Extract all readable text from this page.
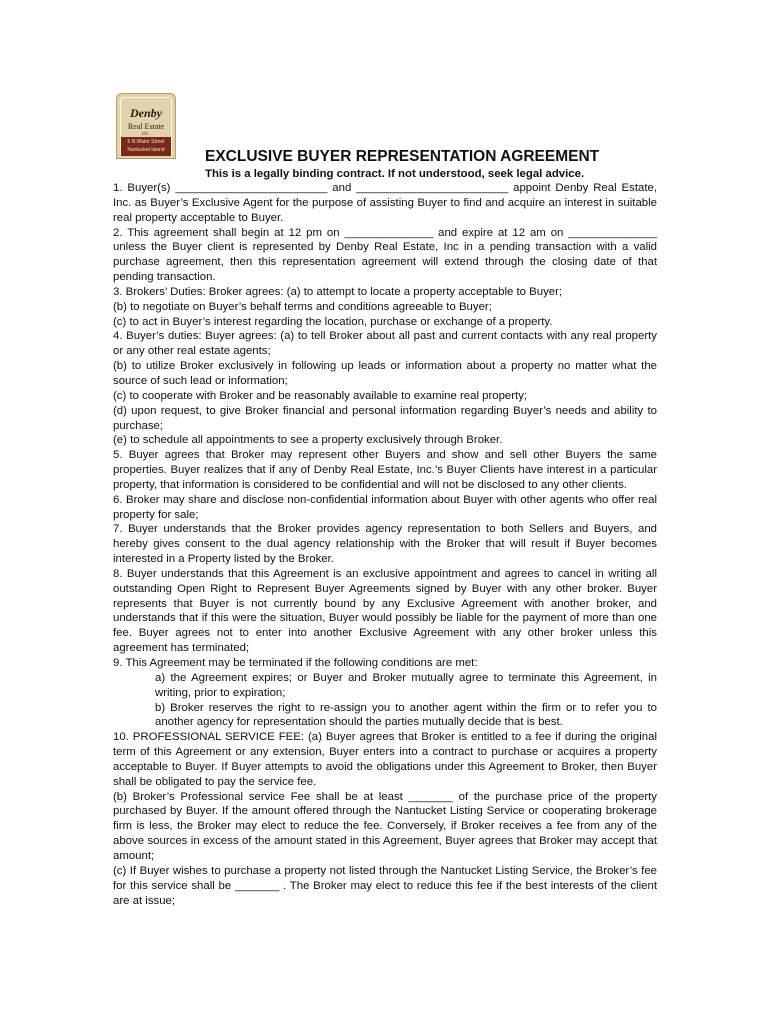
Denby
Real Estate
INC.
5 N Water Street
Nantucket Island	EXCLUSIVE BUYER REPRESENTATION AGREEMENT
This is a legally binding contract. If not understood, seek legal advice.

1. Buyer(s) ________________________ and ________________________ appoint Denby Real Estate, Inc. as Buyer’s Exclusive Agent for the purpose of assisting Buyer to find and acquire an interest in suitable real property acceptable to Buyer.

2. This agreement shall begin at 12 pm on ______________ and expire at 12 am on ______________ unless the Buyer client is represented by Denby Real Estate, Inc in a pending transaction with a valid purchase agreement, then this representation agreement will extend through the closing date of that pending transaction.

3. Brokers’ Duties: Broker agrees: (a) to attempt to locate a property acceptable to Buyer;

(b) to negotiate on Buyer’s behalf terms and conditions agreeable to Buyer;

(c) to act in Buyer’s interest regarding the location, purchase or exchange of a property.

4. Buyer’s duties: Buyer agrees: (a) to tell Broker about all past and current contacts with any real property or any other real estate agents;

(b) to utilize Broker exclusively in following up leads or information about a property no matter what the source of such lead or information;

(c) to cooperate with Broker and be reasonably available to examine real property;

(d) upon request, to give Broker financial and personal information regarding Buyer’s needs and ability to purchase;

(e) to schedule all appointments to see a property exclusively through Broker.

5. Buyer agrees that Broker may represent other Buyers and show and sell other Buyers the same properties. Buyer realizes that if any of Denby Real Estate, Inc.’s Buyer Clients have interest in a particular property, that information is considered to be confidential and will not be disclosed to any other clients.

6. Broker may share and disclose non-confidential information about Buyer with other agents who offer real property for sale;

7. Buyer understands that the Broker provides agency representation to both Sellers and Buyers, and hereby gives consent to the dual agency relationship with the Broker that will result if Buyer becomes interested in a Property listed by the Broker.

8. Buyer understands that this Agreement is an exclusive appointment and agrees to cancel in writing all outstanding Open Right to Represent Buyer Agreements signed by Buyer with any other broker. Buyer represents that Buyer is not currently bound by any Exclusive Agreement with another broker, and understands that if this were the situation, Buyer would possibly be liable for the payment of more than one fee. Buyer agrees not to enter into another Exclusive Agreement with any other broker unless this agreement has terminated;

9. This Agreement may be terminated if the following conditions are met:

a) the Agreement expires; or Buyer and Broker mutually agree to terminate this Agreement, in writing, prior to expiration;

b) Broker reserves the right to re-assign you to another agent within the firm or to refer you to another agency for representation should the parties mutually decide that is best.

10. PROFESSIONAL SERVICE FEE: (a) Buyer agrees that Broker is entitled to a fee if during the original term of this Agreement or any extension, Buyer enters into a contract to purchase or acquires a property acceptable to Buyer. If Buyer attempts to avoid the obligations under this Agreement to Broker, then Buyer shall be obligated to pay the service fee.

(b) Broker’s Professional service Fee shall be at least _______ of the purchase price of the property purchased by Buyer. If the amount offered through the Nantucket Listing Service or cooperating brokerage firm is less, the Broker may elect to reduce the fee. Conversely, if Broker receives a fee from any of the above sources in excess of the amount stated in this Agreement, Buyer agrees that Broker may accept that amount;

(c) If Buyer wishes to purchase a property not listed through the Nantucket Listing Service, the Broker’s fee for this service shall be _______ . The Broker may elect to reduce this fee if the best interests of the client are at issue;
